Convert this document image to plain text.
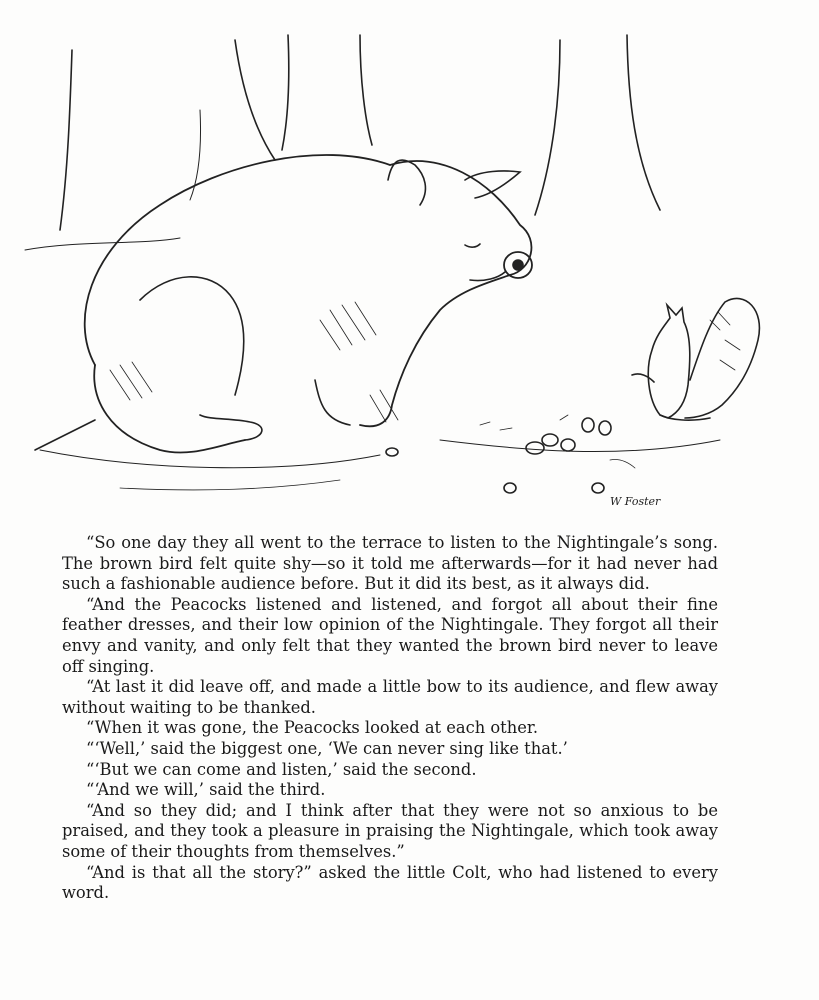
W Foster

“So one day they all went to the terrace to listen to the Nightingale’s song. The brown bird felt quite shy—so it told me afterwards—for it had never had such a fashionable audience before. But it did its best, as it always did.

“And the Peacocks listened and listened, and forgot all about their fine feather dresses, and their low opinion of the Nightingale. They forgot all their envy and vanity, and only felt that they wanted the brown bird never to leave off singing.

“At last it did leave off, and made a little bow to its audience, and flew away without waiting to be thanked.

“When it was gone, the Peacocks looked at each other.

“‘Well,’ said the biggest one, ‘We can never sing like that.’

“‘But we can come and listen,’ said the second.

“‘And we will,’ said the third.

“And so they did; and I think after that they were not so anxious to be praised, and they took a pleasure in praising the Nightingale, which took away some of their thoughts from themselves.”

“And is that all the story?” asked the little Colt, who had listened to every word.
